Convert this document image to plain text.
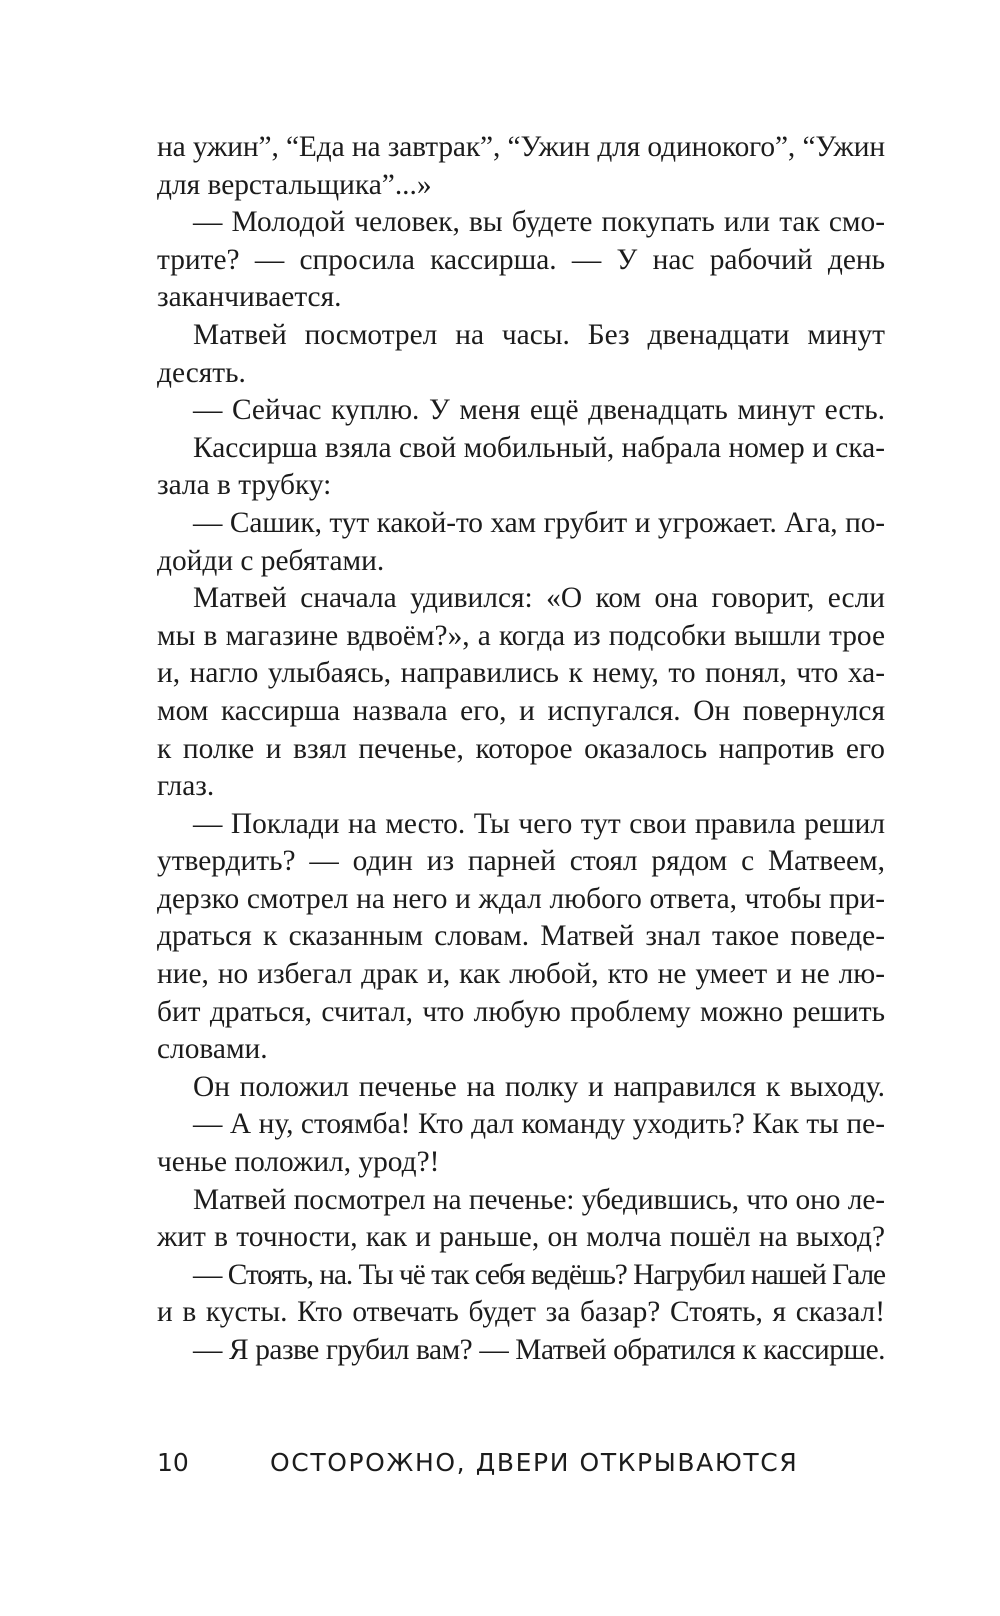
на ужин”, “Еда на завтрак”, “Ужин для одинокого”, “Ужин
для верстальщика”...»
— Молодой человек, вы будете покупать или так смо-
трите? — спросила кассирша. — У нас рабочий день
заканчивается.
Матвей посмотрел на часы. Без двенадцати минут
десять.
— Сейчас куплю. У меня ещё двенадцать минут есть.
Кассирша взяла свой мобильный, набрала номер и ска-
зала в трубку:
— Сашик, тут какой-то хам грубит и угрожает. Ага, по-
дойди с ребятами.
Матвей сначала удивился: «О ком она говорит, если
мы в магазине вдвоём?», а когда из подсобки вышли трое
и, нагло улыбаясь, направились к нему, то понял, что ха-
мом кассирша назвала его, и испугался. Он повернулся
к полке и взял печенье, которое оказалось напротив его
глаз.
— Поклади на место. Ты чего тут свои правила решил
утвердить? — один из парней стоял рядом с Матвеем,
дерзко смотрел на него и ждал любого ответа, чтобы при-
драться к сказанным словам. Матвей знал такое поведе-
ние, но избегал драк и, как любой, кто не умеет и не лю-
бит драться, считал, что любую проблему можно решить
словами.
Он положил печенье на полку и направился к выходу.
— А ну, стоямба! Кто дал команду уходить? Как ты пе-
ченье положил, урод?!
Матвей посмотрел на печенье: убедившись, что оно ле-
жит в точности, как и раньше, он молча пошёл на выход?
— Стоять, на. Ты чё так себя ведёшь? Нагрубил нашей Гале
и в кусты. Кто отвечать будет за базар? Стоять, я сказал!
— Я разве грубил вам? — Матвей обратился к кассирше.
10	ОСТОРОЖНО, ДВЕРИ ОТКРЫВАЮТСЯ
